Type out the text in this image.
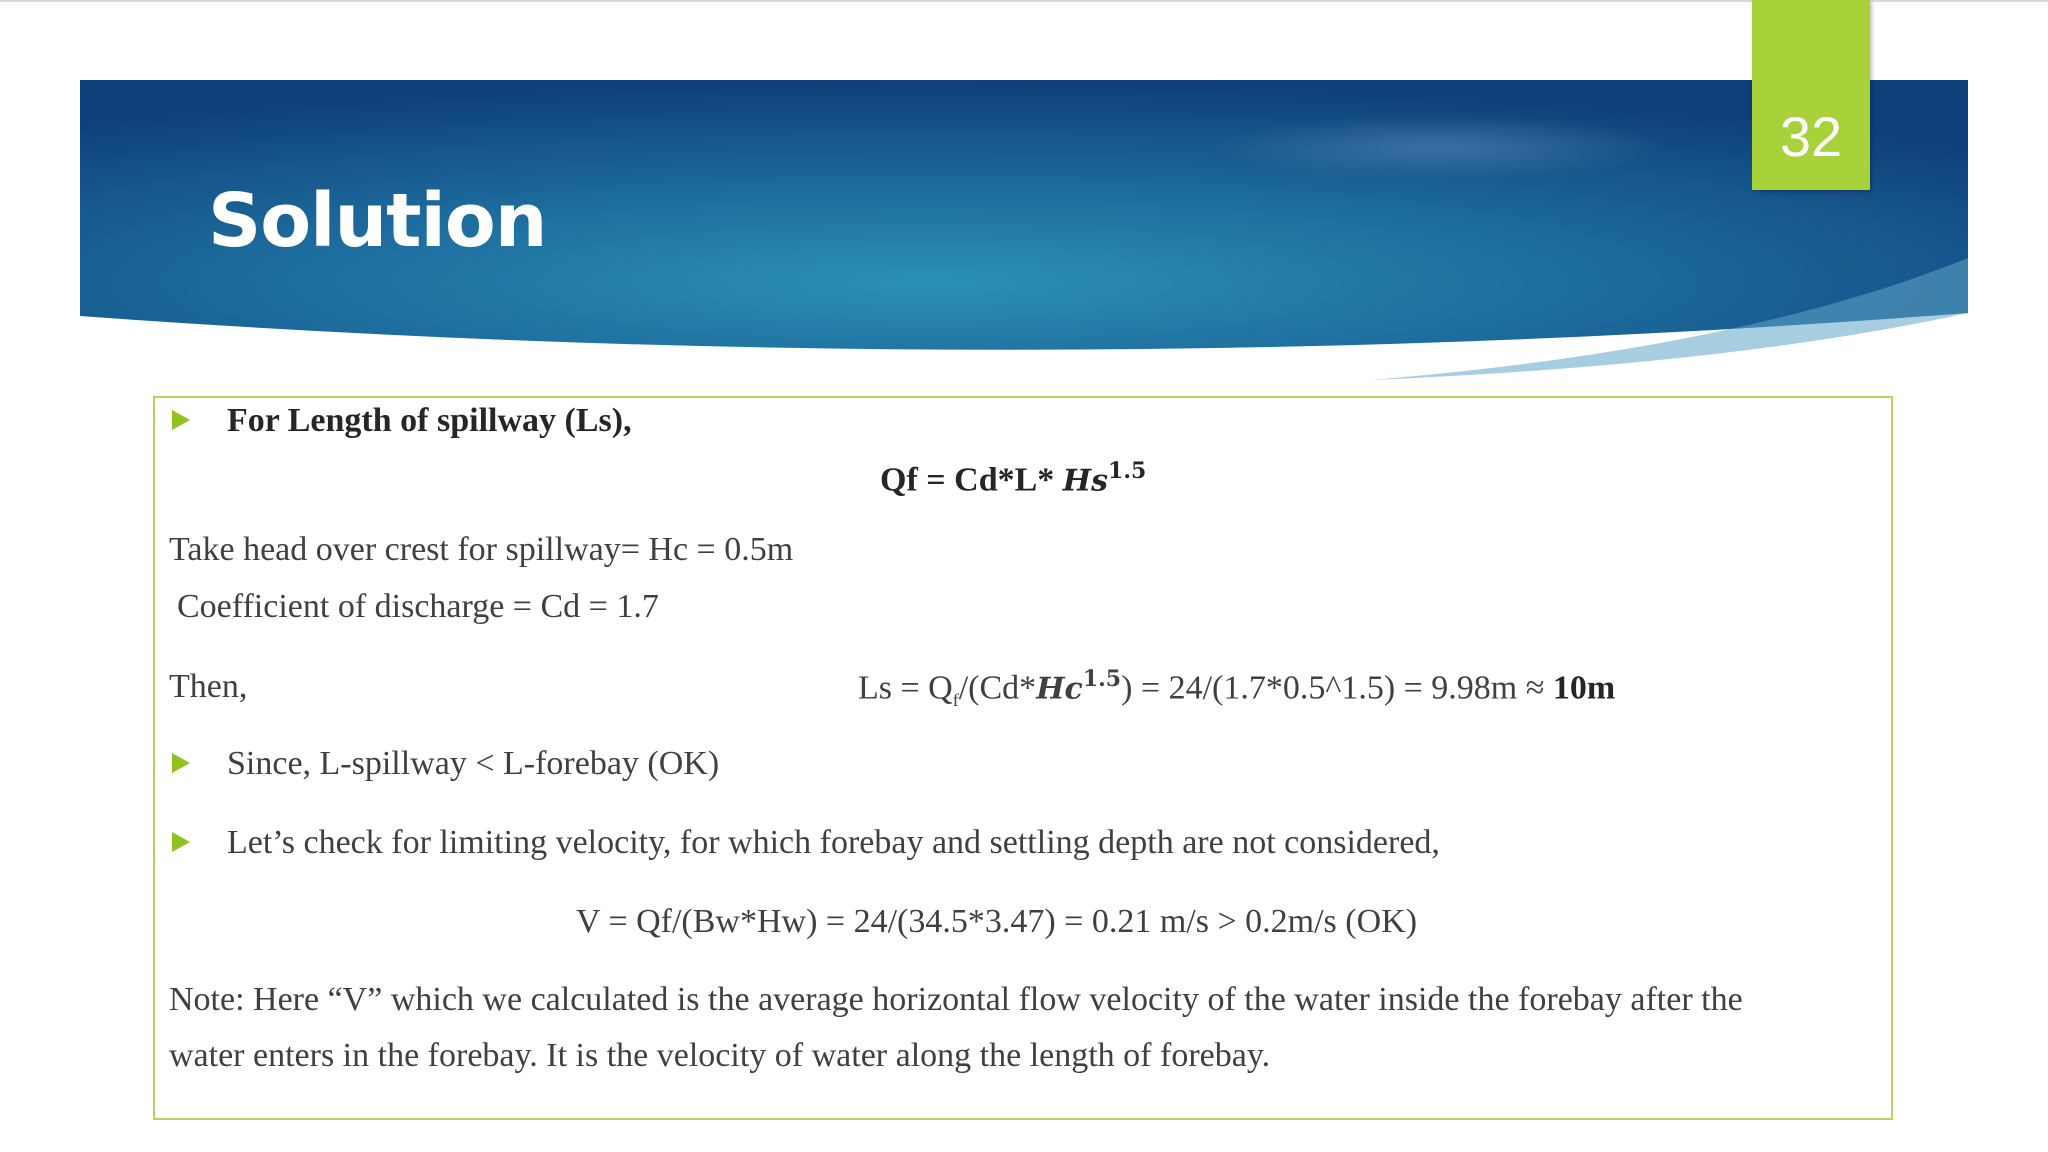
Solution
32
For Length of spillway (Ls),
Qf = Cd*L* $Hs^{1.5}$
Take head over crest for spillway= Hc = 0.5m
Coefficient of discharge = Cd = 1.7
Then,	$Ls = Q_f/(Cd*Hc^{1.5})$ = 24/(1.7*0.5^1.5) = 9.98m ≈ 10m
Since, L-spillway < L-forebay (OK)
Let’s check for limiting velocity, for which forebay and settling depth are not considered,
V = Qf/(Bw*Hw) = 24/(34.5*3.47) = 0.21 m/s > 0.2m/s (OK)
Note: Here “V” which we calculated is the average horizontal flow velocity of the water inside the forebay after the
water enters in the forebay. It is the velocity of water along the length of forebay.
